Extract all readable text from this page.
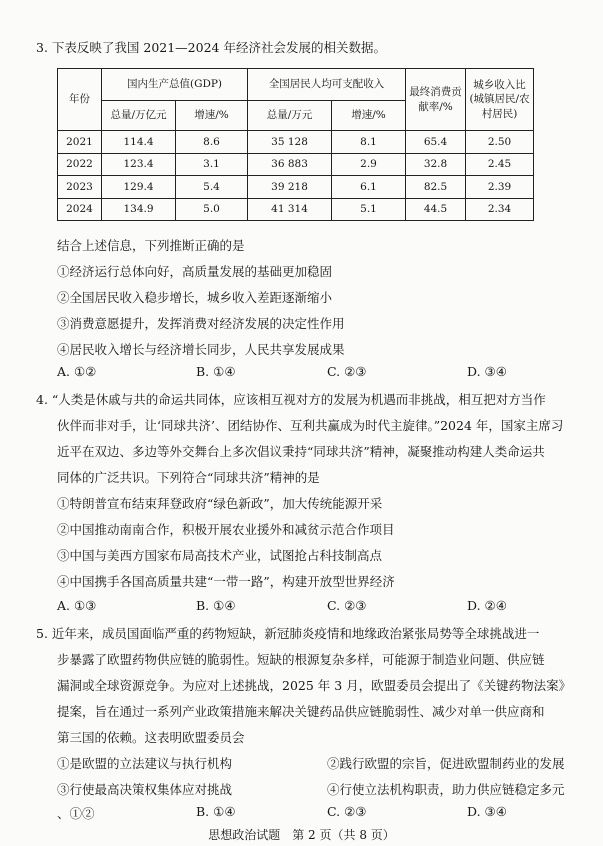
3. 下表反映了我国 2021—2024 年经济社会发展的相关数据。
年份	国内生产总值(GDP)		全国居民人均可支配收入		最终消费贡献率/%	城乡收入比(城镇居民/农村居民)
	总量/万亿元	增速/%	总量/万元	增速/%		
2021	114.4	8.6	35 128	8.1	65.4	2.50
2022	123.4	3.1	36 883	2.9	32.8	2.45
2023	129.4	5.4	39 218	6.1	82.5	2.39
2024	134.9	5.0	41 314	5.1	44.5	2.34
结合上述信息，下列推断正确的是
①经济运行总体向好，高质量发展的基础更加稳固
②全国居民收入稳步增长，城乡收入差距逐渐缩小
③消费意愿提升，发挥消费对经济发展的决定性作用
④居民收入增长与经济增长同步，人民共享发展成果
A. ①②	B. ①④	C. ②③	D. ③④
4. “人类是休戚与共的命运共同体，应该相互视对方的发展为机遇而非挑战，相互把对方当作
伙伴而非对手，让‘同球共济’、团结协作、互利共赢成为时代主旋律。”2024 年，国家主席习
近平在双边、多边等外交舞台上多次倡议秉持“同球共济”精神，凝聚推动构建人类命运共
同体的广泛共识。下列符合“同球共济”精神的是
①特朗普宣布结束拜登政府“绿色新政”，加大传统能源开采
②中国推动南南合作，积极开展农业援外和减贫示范合作项目
③中国与美西方国家布局高技术产业，试图抢占科技制高点
④中国携手各国高质量共建“一带一路”，构建开放型世界经济
A. ①③	B. ①④	C. ②③	D. ②④
5. 近年来，成员国面临严重的药物短缺，新冠肺炎疫情和地缘政治紧张局势等全球挑战进一
步暴露了欧盟药物供应链的脆弱性。短缺的根源复杂多样，可能源于制造业问题、供应链
漏洞或全球资源竞争。为应对上述挑战，2025 年 3 月，欧盟委员会提出了《关键药物法案》
提案，旨在通过一系列产业政策措施来解决关键药品供应链脆弱性、减少对单一供应商和
第三国的依赖。这表明欧盟委员会
①是欧盟的立法建议与执行机构	②践行欧盟的宗旨，促进欧盟制药业的发展
③行使最高决策权集体应对挑战	④行使立法机构职责，助力供应链稳定多元
、①②	B. ①④	C. ②③	D. ③④
思想政治试题　第 2 页（共 8 页）
